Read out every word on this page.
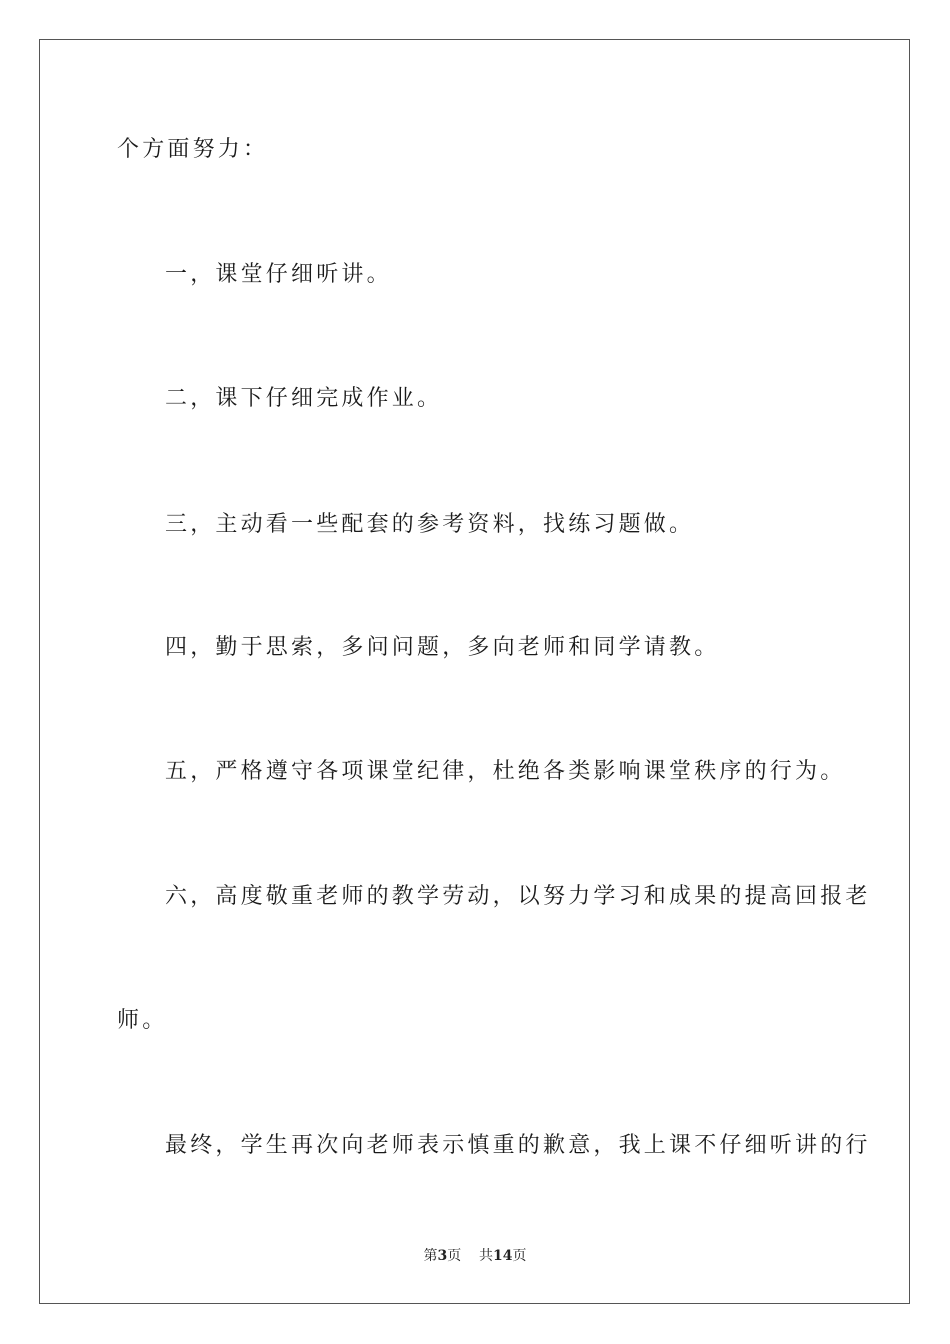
个方面努力：

一，课堂仔细听讲。

二，课下仔细完成作业。

三，主动看一些配套的参考资料，找练习题做。

四，勤于思索，多问问题，多向老师和同学请教。

五，严格遵守各项课堂纪律，杜绝各类影响课堂秩序的行为。

六，高度敬重老师的教学劳动，以努力学习和成果的提高回报老

师。

最终，学生再次向老师表示慎重的歉意，我上课不仔细听讲的行

第3页 共14页
